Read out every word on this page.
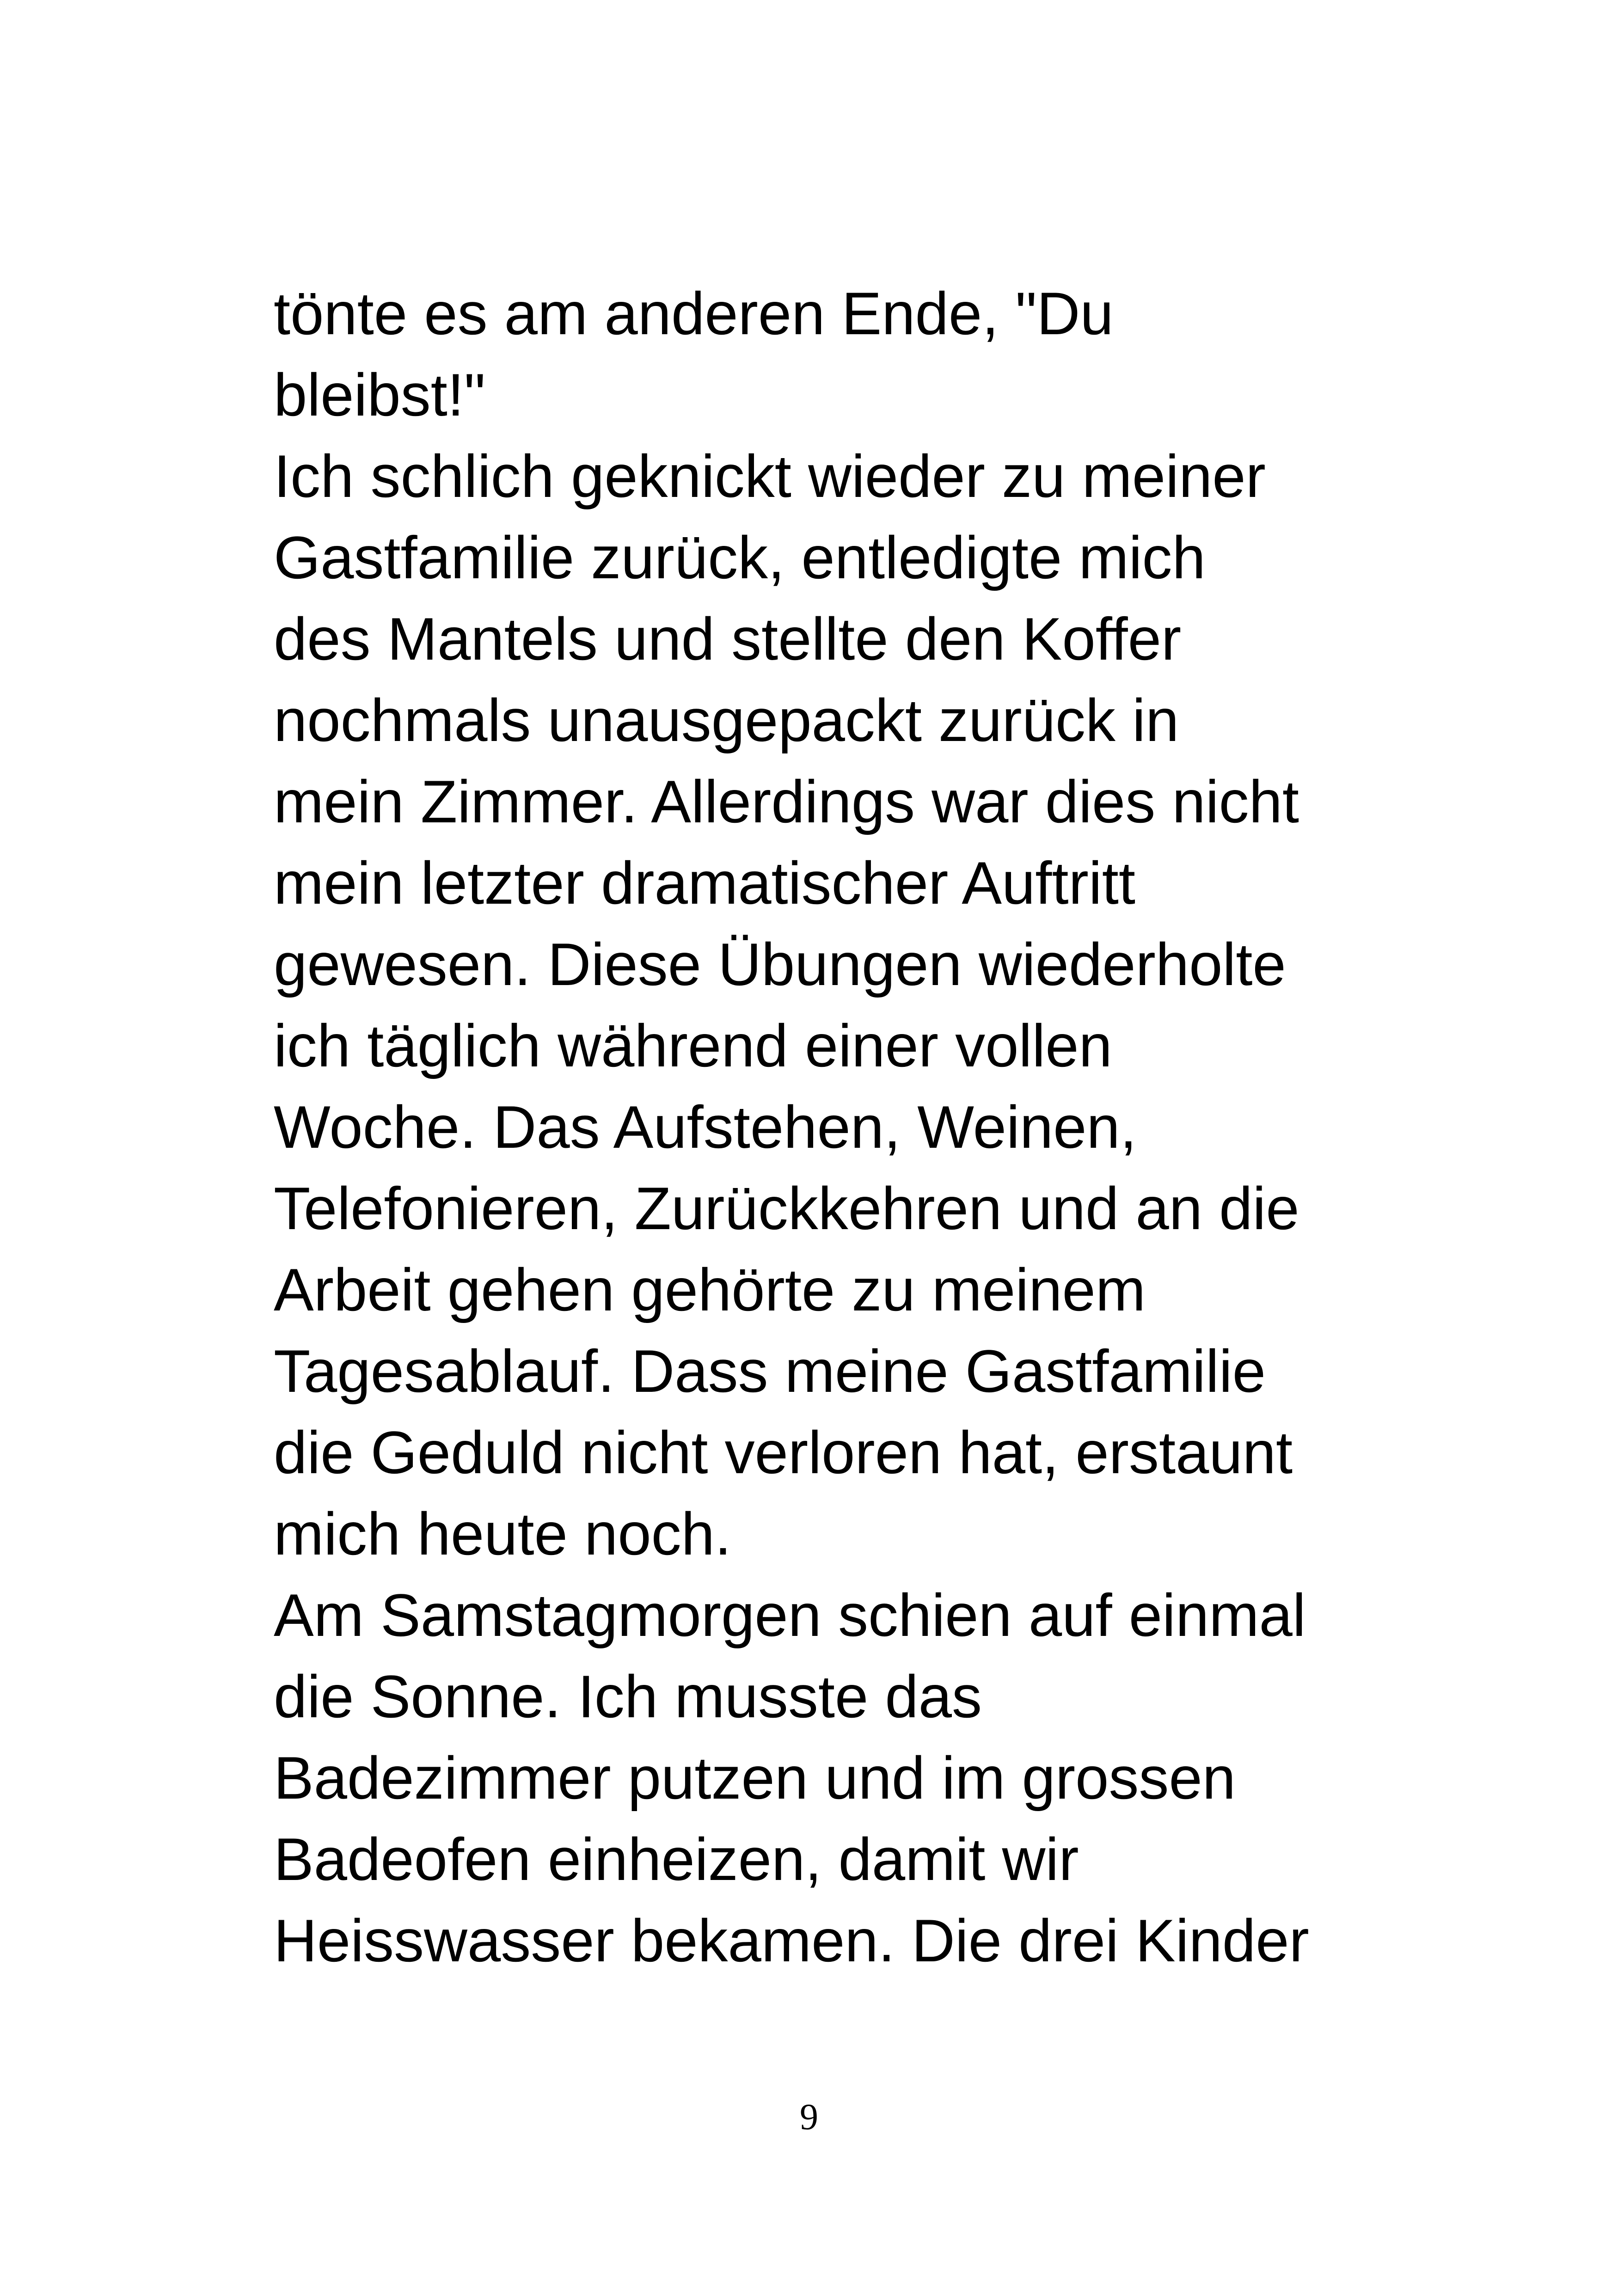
tönte es am anderen Ende, "Du
bleibst!"
Ich schlich geknickt wieder zu meiner
Gastfamilie zurück, entledigte mich
des Mantels und stellte den Koffer
nochmals unausgepackt zurück in
mein Zimmer. Allerdings war dies nicht
mein letzter dramatischer Auftritt
gewesen. Diese Übungen wiederholte
ich täglich während einer vollen
Woche. Das Aufstehen, Weinen,
Telefonieren, Zurückkehren und an die
Arbeit gehen gehörte zu meinem
Tagesablauf. Dass meine Gastfamilie
die Geduld nicht verloren hat, erstaunt
mich heute noch.
Am Samstagmorgen schien auf einmal
die Sonne. Ich musste das
Badezimmer putzen und im grossen
Badeofen einheizen, damit wir
Heisswasser bekamen. Die drei Kinder
9
